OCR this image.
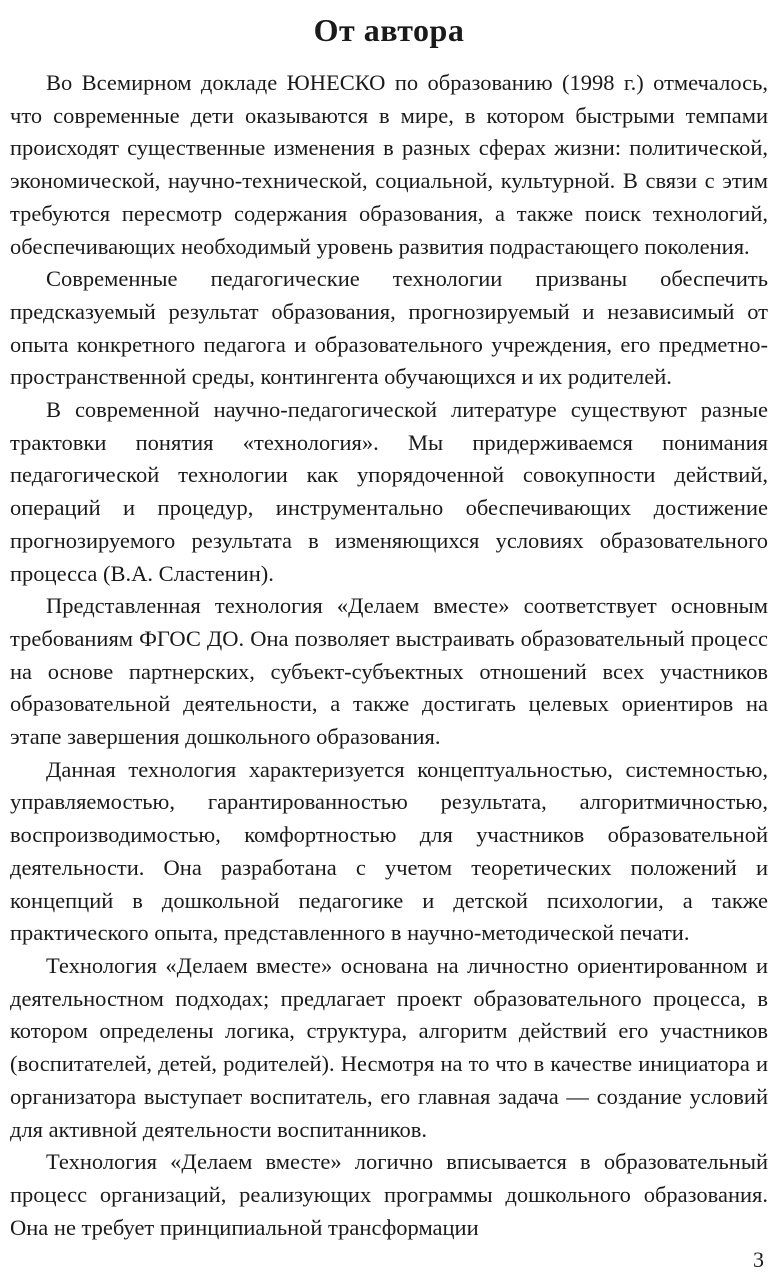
От автора

Во Всемирном докладе ЮНЕСКО по образованию (1998 г.) отмечалось, что современные дети оказываются в мире, в котором быстрыми темпами происходят существенные изменения в разных сферах жизни: политической, экономической, научно-технической, социальной, культурной. В связи с этим требуются пересмотр содержания образования, а также поиск технологий, обеспечивающих необходимый уровень развития подрастающего поколения.

Современные педагогические технологии призваны обеспечить предсказуемый результат образования, прогнозируемый и независимый от опыта конкретного педагога и образовательного учреждения, его предметно-пространственной среды, контингента обучающихся и их родителей.

В современной научно-педагогической литературе существуют разные трактовки понятия «технология». Мы придерживаемся понимания педагогической технологии как упорядоченной совокупности действий, операций и процедур, инструментально обеспечивающих достижение прогнозируемого результата в изменяющихся условиях образовательного процесса (В.А. Сластенин).

Представленная технология «Делаем вместе» соответствует основным требованиям ФГОС ДО. Она позволяет выстраивать образовательный процесс на основе партнерских, субъект-субъектных отношений всех участников образовательной деятельности, а также достигать целевых ориентиров на этапе завершения дошкольного образования.

Данная технология характеризуется концептуальностью, системностью, управляемостью, гарантированностью результата, алгоритмичностью, воспроизводимостью, комфортностью для участников образовательной деятельности. Она разработана с учетом теоретических положений и концепций в дошкольной педагогике и детской психологии, а также практического опыта, представленного в научно-методической печати.

Технология «Делаем вместе» основана на личностно ориентированном и деятельностном подходах; предлагает проект образовательного процесса, в котором определены логика, структура, алгоритм действий его участников (воспитателей, детей, родителей). Несмотря на то что в качестве инициатора и организатора выступает воспитатель, его главная задача — создание условий для активной деятельности воспитанников.

Технология «Делаем вместе» логично вписывается в образовательный процесс организаций, реализующих программы дошкольного образования. Она не требует принципиальной трансформации

3
